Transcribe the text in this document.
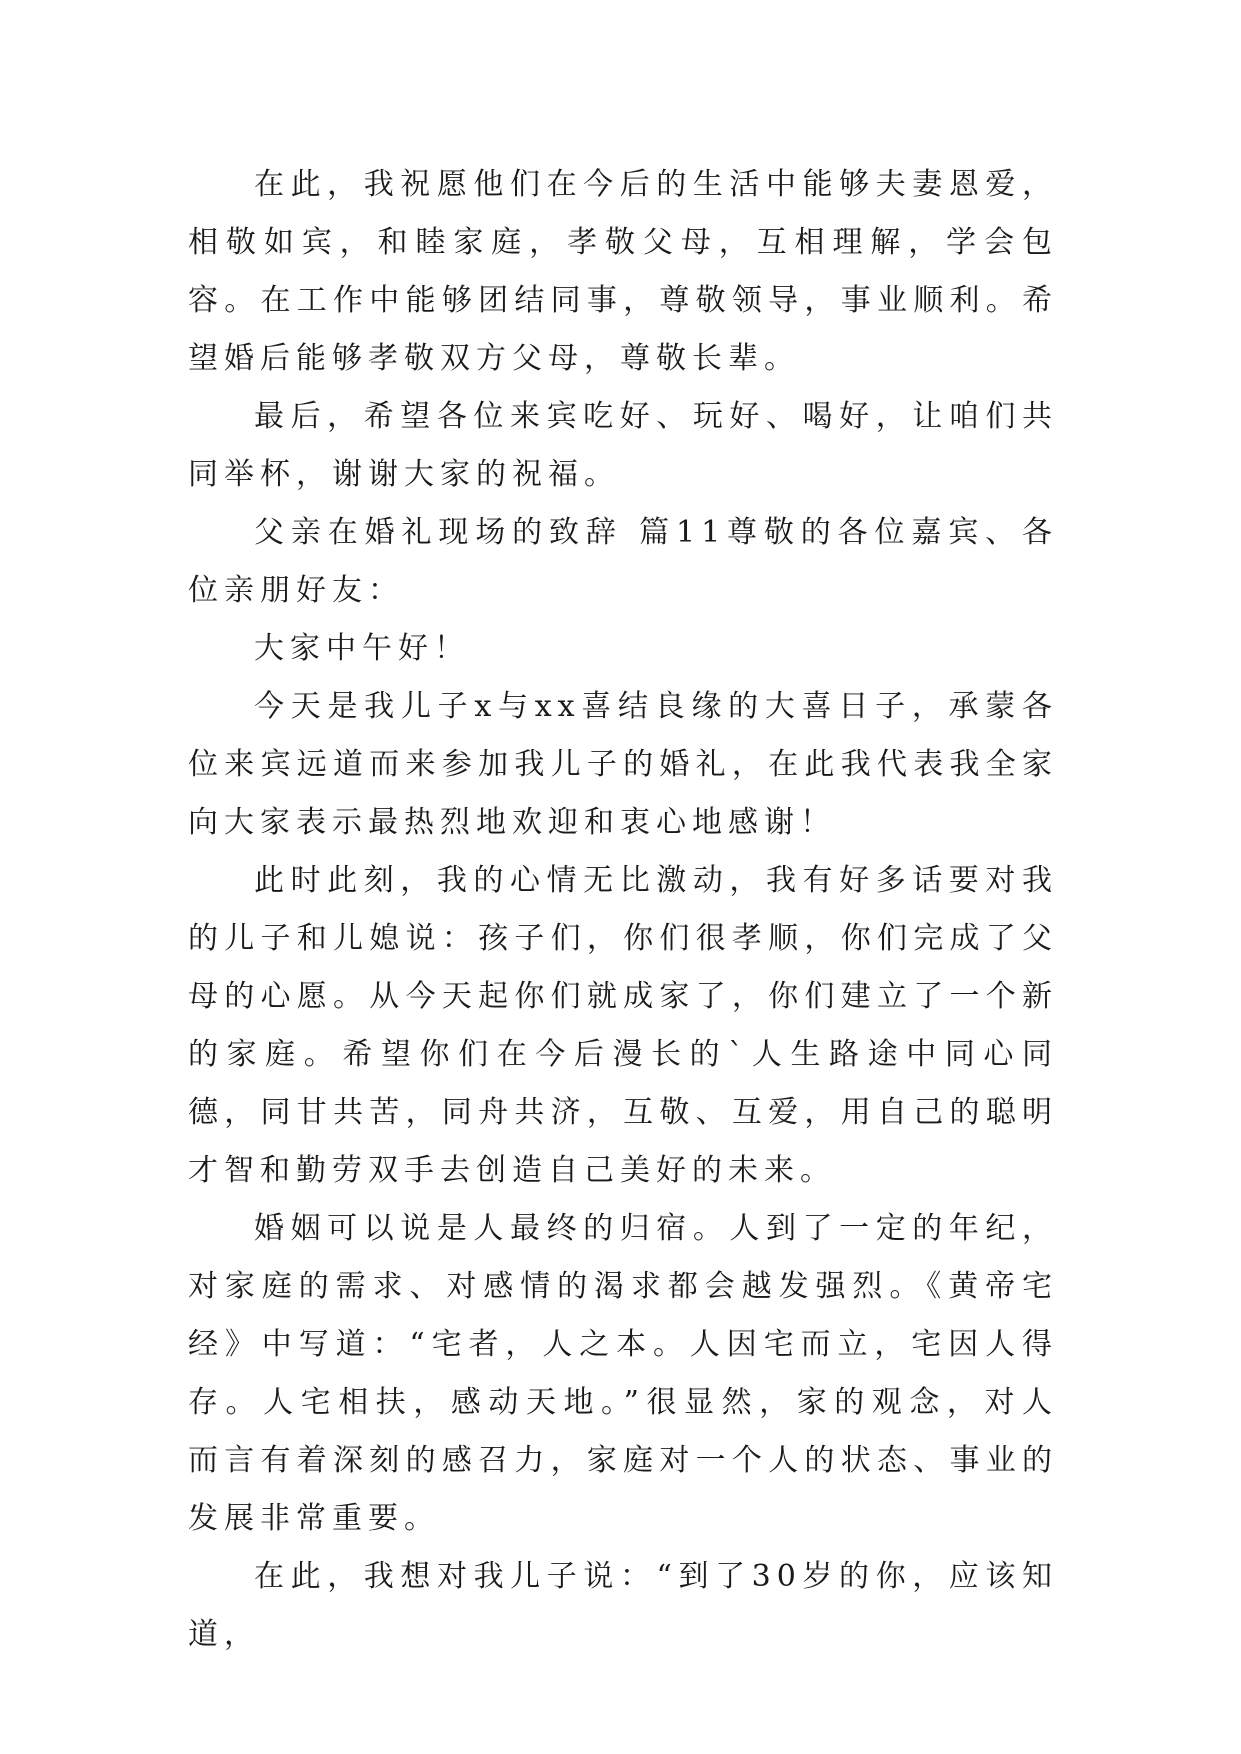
在此，我祝愿他们在今后的生活中能够夫妻恩爱，相敬如宾，和睦家庭，孝敬父母，互相理解，学会包容。在工作中能够团结同事，尊敬领导，事业顺利。希望婚后能够孝敬双方父母，尊敬长辈。

最后，希望各位来宾吃好、玩好、喝好，让咱们共同举杯，谢谢大家的祝福。

父亲在婚礼现场的致辞 篇11尊敬的各位嘉宾、各位亲朋好友：

大家中午好！

今天是我儿子x与xx喜结良缘的大喜日子，承蒙各位来宾远道而来参加我儿子的婚礼，在此我代表我全家向大家表示最热烈地欢迎和衷心地感谢！

此时此刻，我的心情无比激动，我有好多话要对我的儿子和儿媳说：孩子们，你们很孝顺，你们完成了父母的心愿。从今天起你们就成家了，你们建立了一个新的家庭。希望你们在今后漫长的`人生路途中同心同德，同甘共苦，同舟共济，互敬、互爱，用自己的聪明才智和勤劳双手去创造自己美好的未来。

婚姻可以说是人最终的归宿。人到了一定的年纪，对家庭的需求、对感情的渴求都会越发强烈。《黄帝宅经》中写道：“宅者，人之本。人因宅而立，宅因人得存。人宅相扶，感动天地。”很显然，家的观念，对人而言有着深刻的感召力，家庭对一个人的状态、事业的发展非常重要。

在此，我想对我儿子说：“到了30岁的你，应该知道，
